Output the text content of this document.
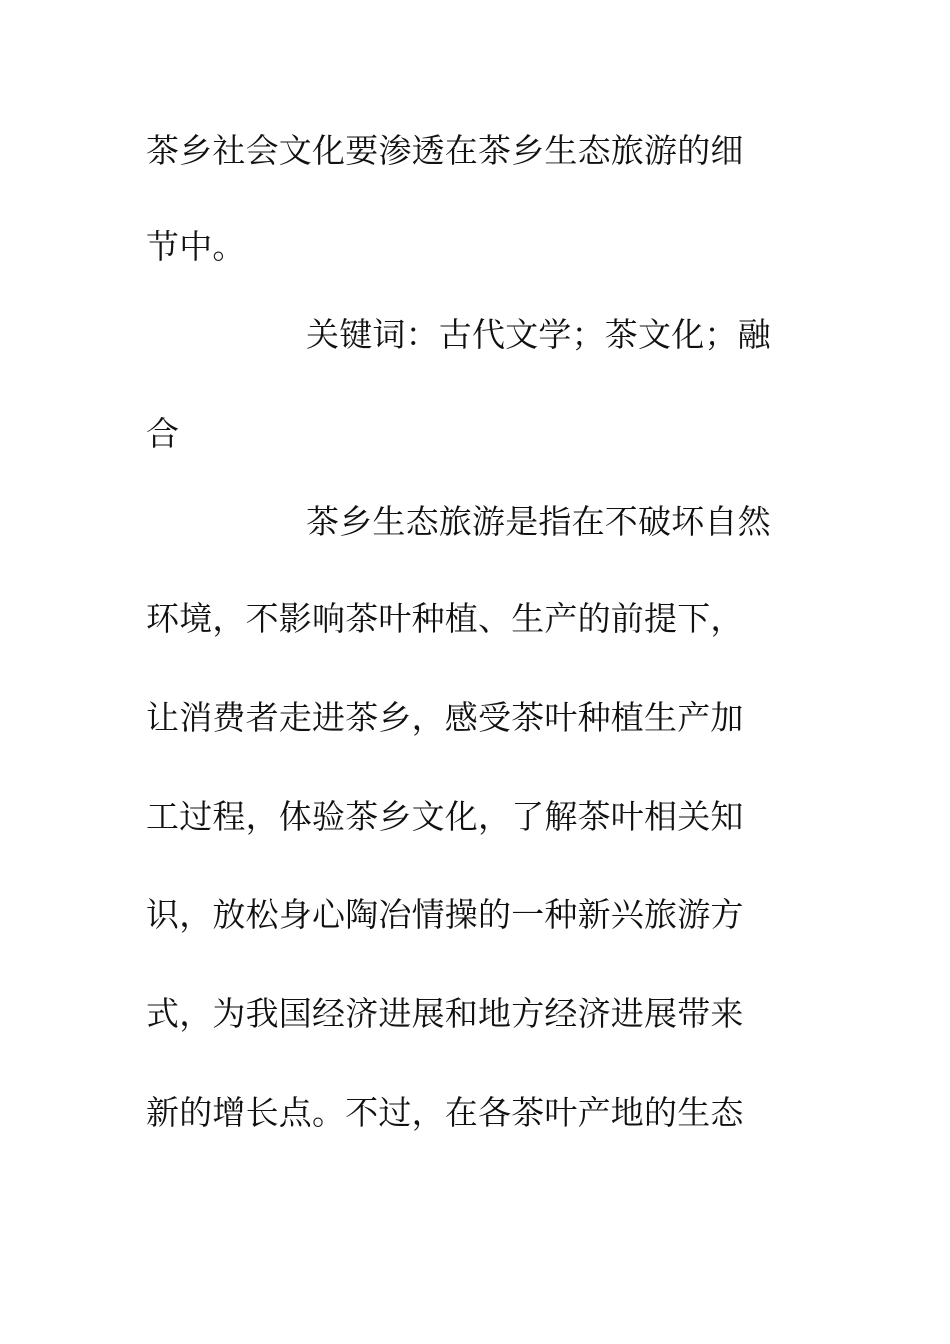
茶乡社会文化要渗透在茶乡生态旅游的细
节中。
关键词：古代文学；茶文化；融
合
茶乡生态旅游是指在不破坏自然
环境，不影响茶叶种植、生产的前提下，
让消费者走进茶乡，感受茶叶种植生产加
工过程，体验茶乡文化，了解茶叶相关知
识，放松身心陶冶情操的一种新兴旅游方
式，为我国经济进展和地方经济进展带来
新的增长点。不过，在各茶叶产地的生态
